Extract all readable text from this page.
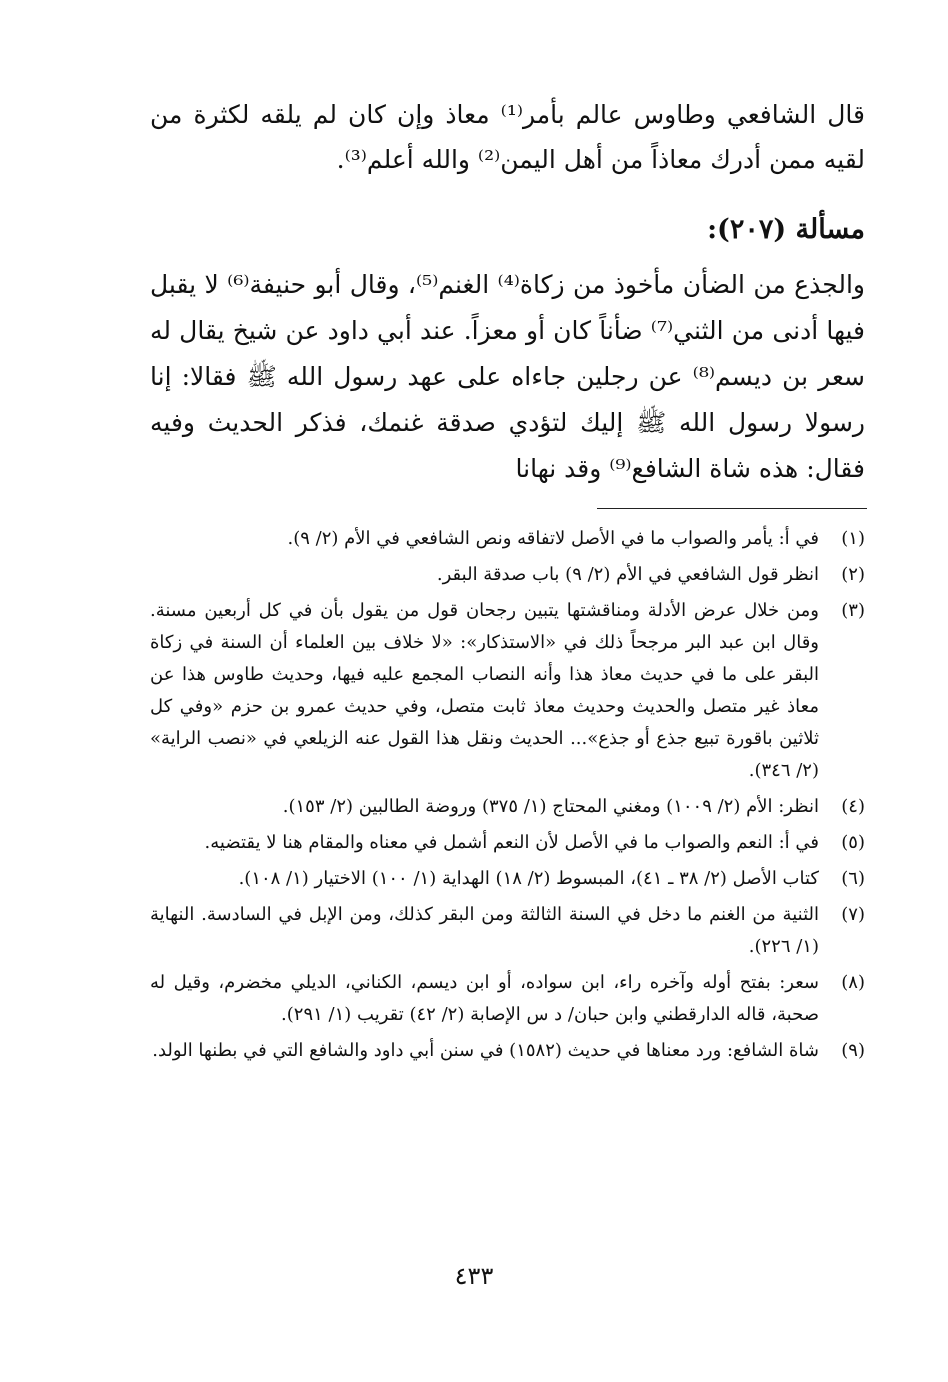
قال الشافعي وطاوس عالم بأمر⁽¹⁾ معاذ وإن كان لم يلقه لكثرة من لقيه ممن أدرك معاذاً من أهل اليمن⁽²⁾ والله أعلم⁽³⁾.

مسألة (٢٠٧):

والجذع من الضأن مأخوذ من زكاة⁽⁴⁾ الغنم⁽⁵⁾، وقال أبو حنيفة⁽⁶⁾ لا يقبل فيها أدنى من الثني⁽⁷⁾ ضأناً كان أو معزاً. عند أبي داود عن شيخ يقال له سعر بن ديسم⁽⁸⁾ عن رجلين جاءاه على عهد رسول الله ﷺ فقالا: إنا رسولا رسول الله ﷺ إليك لتؤدي صدقة غنمك، فذكر الحديث وفيه فقال: هذه شاة الشافع⁽⁹⁾ وقد نهانا

(١)
في أ: يأمر والصواب ما في الأصل لاتفاقه ونص الشافعي في الأم (٢/ ٩).
(٢)
انظر قول الشافعي في الأم (٢/ ٩) باب صدقة البقر.
(٣)
ومن خلال عرض الأدلة ومناقشتها يتبين رجحان قول من يقول بأن في كل أربعين مسنة. وقال ابن عبد البر مرجحاً ذلك في «الاستذكار»: «لا خلاف بين العلماء أن السنة في زكاة البقر على ما في حديث معاذ هذا وأنه النصاب المجمع عليه فيها، وحديث طاوس هذا عن معاذ غير متصل والحديث وحديث معاذ ثابت متصل، وفي حديث عمرو بن حزم «وفي كل ثلاثين باقورة تبيع جذع أو جذع»... الحديث ونقل هذا القول عنه الزيلعي في «نصب الراية» (٢/ ٣٤٦).
(٤)
انظر: الأم (٢/ ١٠٠٩) ومغني المحتاج (١/ ٣٧٥) وروضة الطالبين (٢/ ١٥٣).
(٥)
في أ: النعم والصواب ما في الأصل لأن النعم أشمل في معناه والمقام هنا لا يقتضيه.
(٦)
كتاب الأصل (٢/ ٣٨ ـ ٤١)، المبسوط (٢/ ١٨) الهداية (١/ ١٠٠) الاختيار (١/ ١٠٨).
(٧)
الثنية من الغنم ما دخل في السنة الثالثة ومن البقر كذلك، ومن الإبل في السادسة. النهاية (١/ ٢٢٦).
(٨)
سعر: بفتح أوله وآخره راء، ابن سواده، أو ابن ديسم، الكناني، الديلي مخضرم، وقيل له صحبة، قاله الدارقطني وابن حبان/ د س الإصابة (٢/ ٤٢) تقريب (١/ ٢٩١).
(٩)
شاة الشافع: ورد معناها في حديث (١٥٨٢) في سنن أبي داود والشافع التي في بطنها الولد.
٤٣٣
